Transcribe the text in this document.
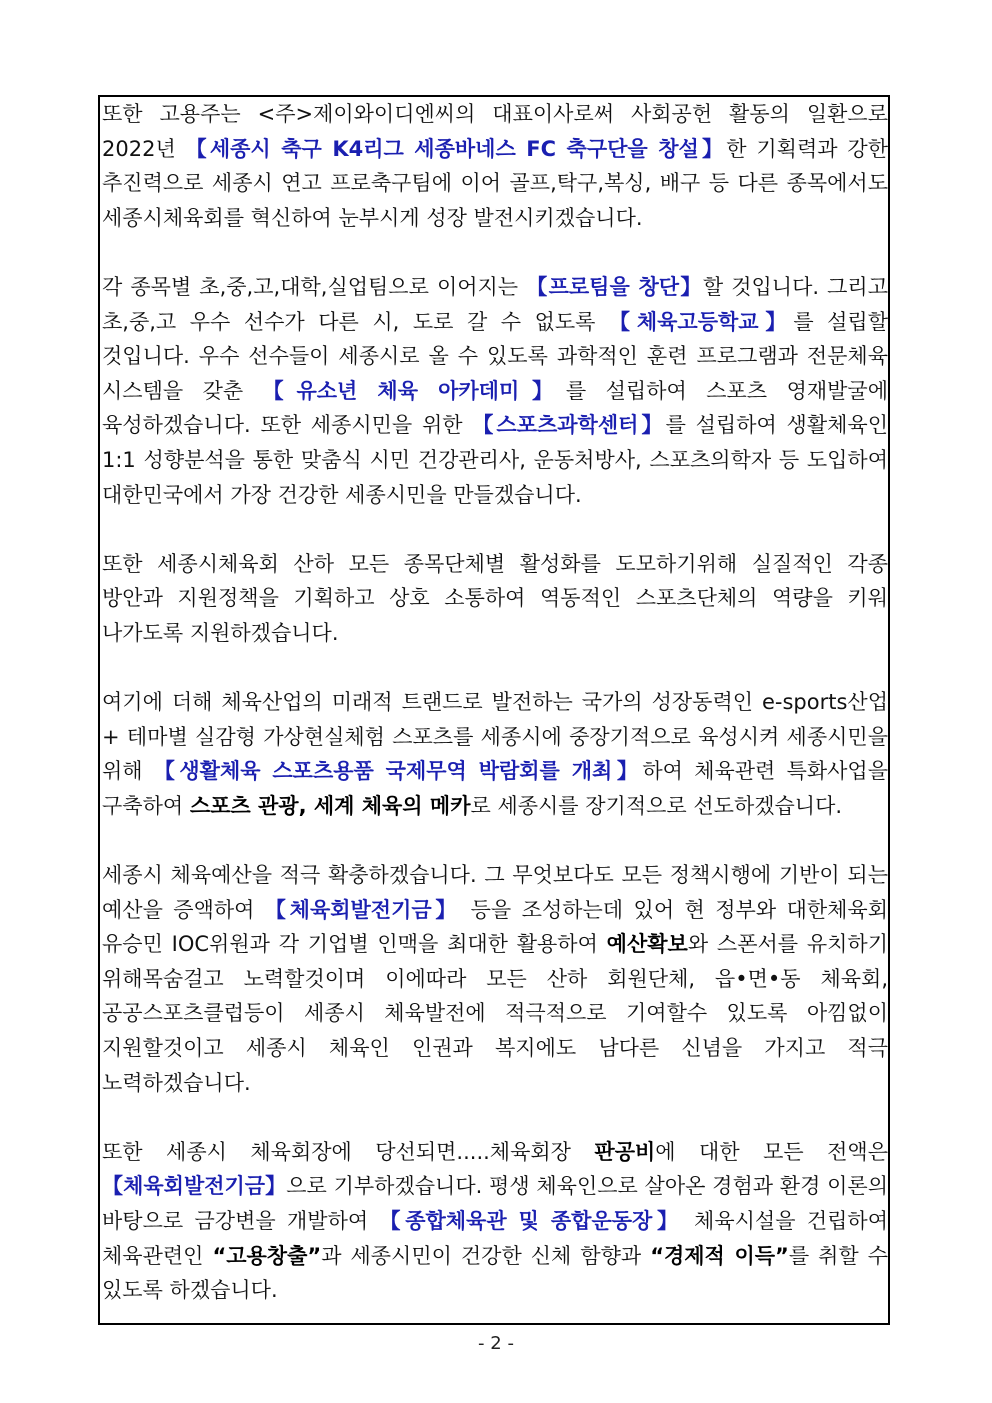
또한 고용주는 <주>제이와이디엔씨의 대표이사로써 사회공헌 활동의 일환으로 2022년 【세종시 축구 K4리그 세종바네스 FC 축구단을 창설】한 기획력과 강한 추진력으로 세종시 연고 프로축구팀에 이어 골프,탁구,복싱, 배구 등 다른 종목에서도 세종시체육회를 혁신하여 눈부시게 성장 발전시키겠습니다.

각 종목별 초,중,고,대학,실업팀으로 이어지는 【프로팀을 창단】할 것입니다. 그리고 초,중,고 우수 선수가 다른 시, 도로 갈 수 없도록 【체육고등학교】를 설립할 것입니다. 우수 선수들이 세종시로 올 수 있도록 과학적인 훈련 프로그램과 전문체육 시스템을 갖춘 【유소년 체육 아카데미】를 설립하여 스포츠 영재발굴에 육성하겠습니다. 또한 세종시민을 위한 【스포츠과학센터】를 설립하여 생활체육인 1:1 성향분석을 통한 맞춤식 시민 건강관리사, 운동처방사, 스포츠의학자 등 도입하여 대한민국에서 가장 건강한 세종시민을 만들겠습니다.

또한 세종시체육회 산하 모든 종목단체별 활성화를 도모하기위해 실질적인 각종 방안과 지원정책을 기획하고 상호 소통하여 역동적인 스포츠단체의 역량을 키워 나가도록 지원하겠습니다.

여기에 더해 체육산업의 미래적 트랜드로 발전하는 국가의 성장동력인 e-sports산업 + 테마별 실감형 가상현실체험 스포츠를 세종시에 중장기적으로 육성시켜 세종시민을 위해 【생활체육 스포츠용품 국제무역 박람회를 개최】하여 체육관련 특화사업을 구축하여 스포츠 관광, 세계 체육의 메카로 세종시를 장기적으로 선도하겠습니다.

세종시 체육예산을 적극 확충하겠습니다. 그 무엇보다도 모든 정책시행에 기반이 되는 예산을 증액하여 【체육회발전기금】 등을 조성하는데 있어 현 정부와 대한체육회 유승민 IOC위원과 각 기업별 인맥을 최대한 활용하여 예산확보와 스폰서를 유치하기 위해목숨걸고 노력할것이며 이에따라 모든 산하 회원단체, 읍•면•동 체육회, 공공스포츠클럽등이 세종시 체육발전에 적극적으로 기여할수 있도록 아낌없이 지원할것이고 세종시 체육인 인권과 복지에도 남다른 신념을 가지고 적극 노력하겠습니다.

또한 세종시 체육회장에 당선되면.....체육회장 판공비에 대한 모든 전액은 【체육회발전기금】으로 기부하겠습니다. 평생 체육인으로 살아온 경험과 환경 이론의 바탕으로 금강변을 개발하여 【종합체육관 및 종합운동장】 체육시설을 건립하여 체육관련인 “고용창출”과 세종시민이 건강한 신체 함향과 “경제적 이득”를 취할 수 있도록 하겠습니다.

- 2 -
